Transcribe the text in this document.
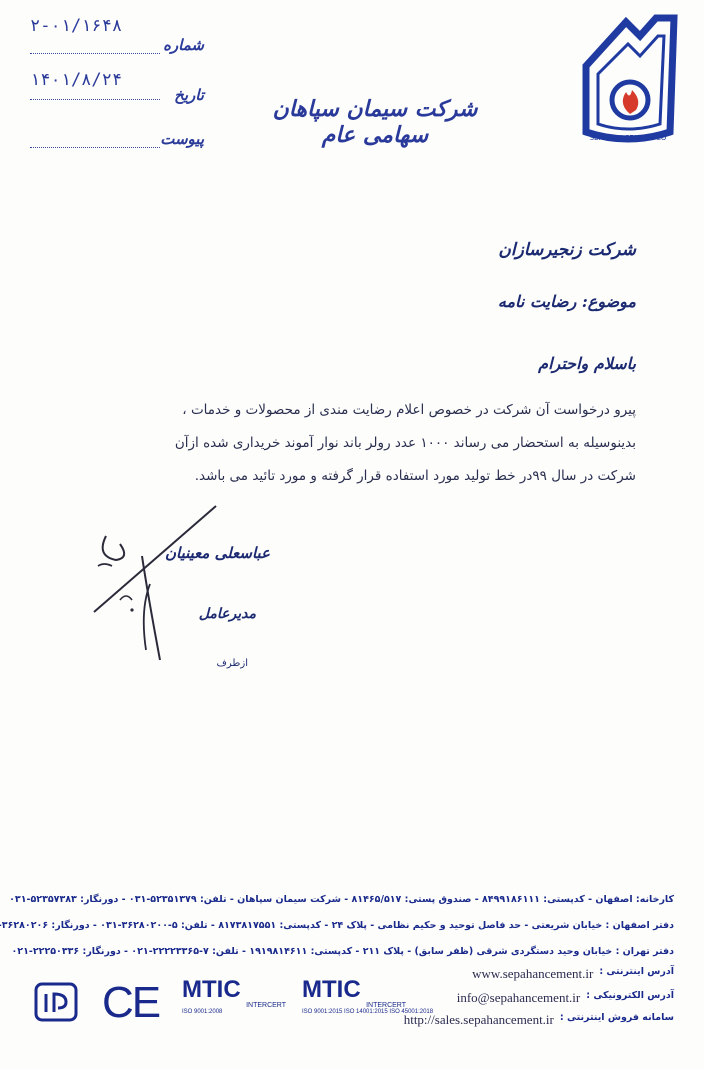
SEPAHAN CEMENT CO
شرکت سیمان سپاهان سهامی عام
۲-۰۱/۱۶۴۸
شماره
۱۴۰۱/۸/۲۴
تاریخ
پیوست
شرکت زنجیرسازان
موضوع: رضایت نامه
باسلام واحترام

پیرو درخواست آن شرکت در خصوص اعلام رضایت مندی از محصولات و خدمات ،

بدینوسیله به استحضار می رساند ۱۰۰۰ عدد رولر باند نوار آموند خریداری شده ازآن

شرکت در سال ۹۹در خط تولید مورد استفاده قرار گرفته و مورد تائید می باشد.

عباسعلی معینیان
مدیرعامل
ازطرف
کارخانه: اصفهان - کدپستی: ۸۴۹۹۱۸۶۱۱۱ - صندوق پستی: ۸۱۴۶۵/۵۱۷ - شرکت سیمان سپاهان - تلفن: ۵۲۳۵۱۳۷۹-۰۳۱ - دورنگار: ۵۲۳۵۷۳۸۳-۰۳۱
دفتر اصفهان : خیابان شریعتی - حد فاصل توحید و حکیم نظامی - پلاک ۲۴ - کدپستی: ۸۱۷۳۸۱۷۵۵۱ - تلفن: ۵-۳۶۲۸۰۲۰۰-۰۳۱ - دورنگار: ۳۶۲۸۰۲۰۶
دفتر تهران : خیابان وحید دستگردی شرقی (ظفر سابق) - پلاک ۲۱۱ - کدپستی: ۱۹۱۹۸۱۴۶۱۱ - تلفن: ۷-۲۲۲۲۳۳۶۵-۰۲۱ - دورنگار: ۲۲۲۵۰۳۳۶-۰۲۱
آدرس اینترنتی :
www.sepahancement.ir
آدرس الکترونیکی :
info@sepahancement.ir
سامانه فروش اینترنتی :
http://sales.sepahancement.ir
CE MTIC
INTERCERT
ISO 9001:2008
MTIC
INTERCERT
ISO 9001:2015 ISO 14001:2015 ISO 45001:2018
